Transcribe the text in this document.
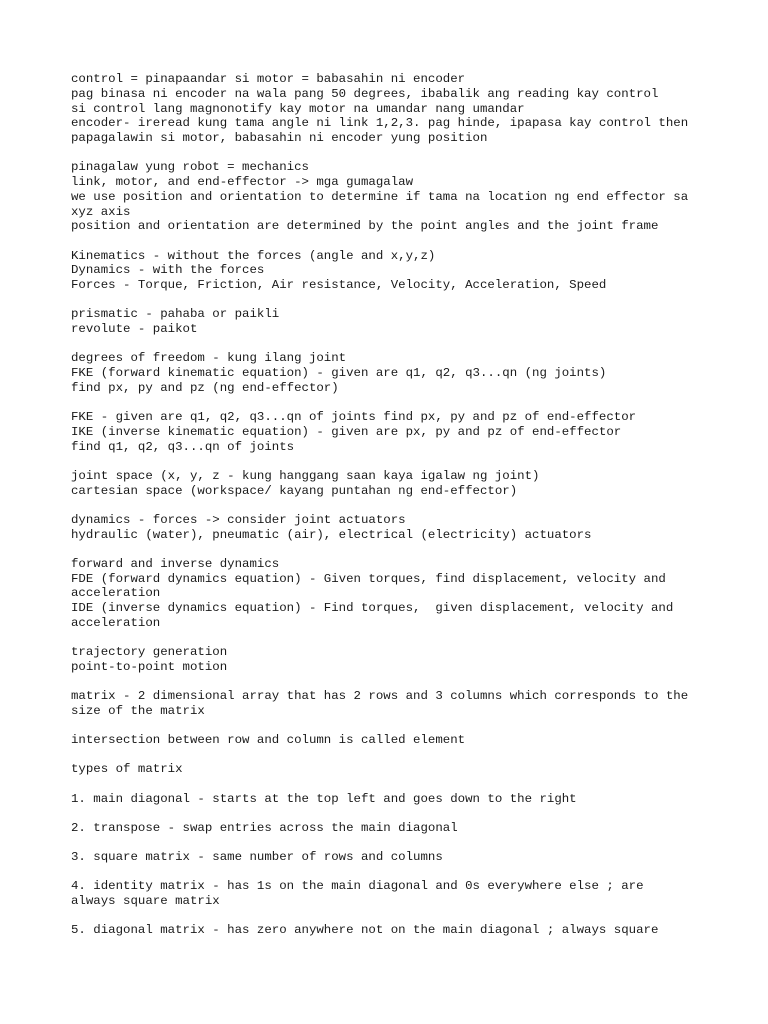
control = pinapaandar si motor = babasahin ni encoder
pag binasa ni encoder na wala pang 50 degrees, ibabalik ang reading kay control
si control lang magnonotify kay motor na umandar nang umandar
encoder- ireread kung tama angle ni link 1,2,3. pag hinde, ipapasa kay control then
papagalawin si motor, babasahin ni encoder yung position
pinagalaw yung robot = mechanics
link, motor, and end-effector -> mga gumagalaw
we use position and orientation to determine if tama na location ng end effector sa
xyz axis
position and orientation are determined by the point angles and the joint frame
Kinematics - without the forces (angle and x,y,z)
Dynamics - with the forces
Forces - Torque, Friction, Air resistance, Velocity, Acceleration, Speed
prismatic - pahaba or paikli
revolute - paikot
degrees of freedom - kung ilang joint
FKE (forward kinematic equation) - given are q1, q2, q3...qn (ng joints)
find px, py and pz (ng end-effector)
FKE - given are q1, q2, q3...qn of joints find px, py and pz of end-effector
IKE (inverse kinematic equation) - given are px, py and pz of end-effector
find q1, q2, q3...qn of joints
joint space (x, y, z - kung hanggang saan kaya igalaw ng joint)
cartesian space (workspace/ kayang puntahan ng end-effector)
dynamics - forces -> consider joint actuators
hydraulic (water), pneumatic (air), electrical (electricity) actuators
forward and inverse dynamics
FDE (forward dynamics equation) - Given torques, find displacement, velocity and
acceleration
IDE (inverse dynamics equation) - Find torques,  given displacement, velocity and
acceleration
trajectory generation
point-to-point motion
matrix - 2 dimensional array that has 2 rows and 3 columns which corresponds to the
size of the matrix
intersection between row and column is called element
types of matrix
1. main diagonal - starts at the top left and goes down to the right
2. transpose - swap entries across the main diagonal
3. square matrix - same number of rows and columns
4. identity matrix - has 1s on the main diagonal and 0s everywhere else ; are
always square matrix
5. diagonal matrix - has zero anywhere not on the main diagonal ; always square
